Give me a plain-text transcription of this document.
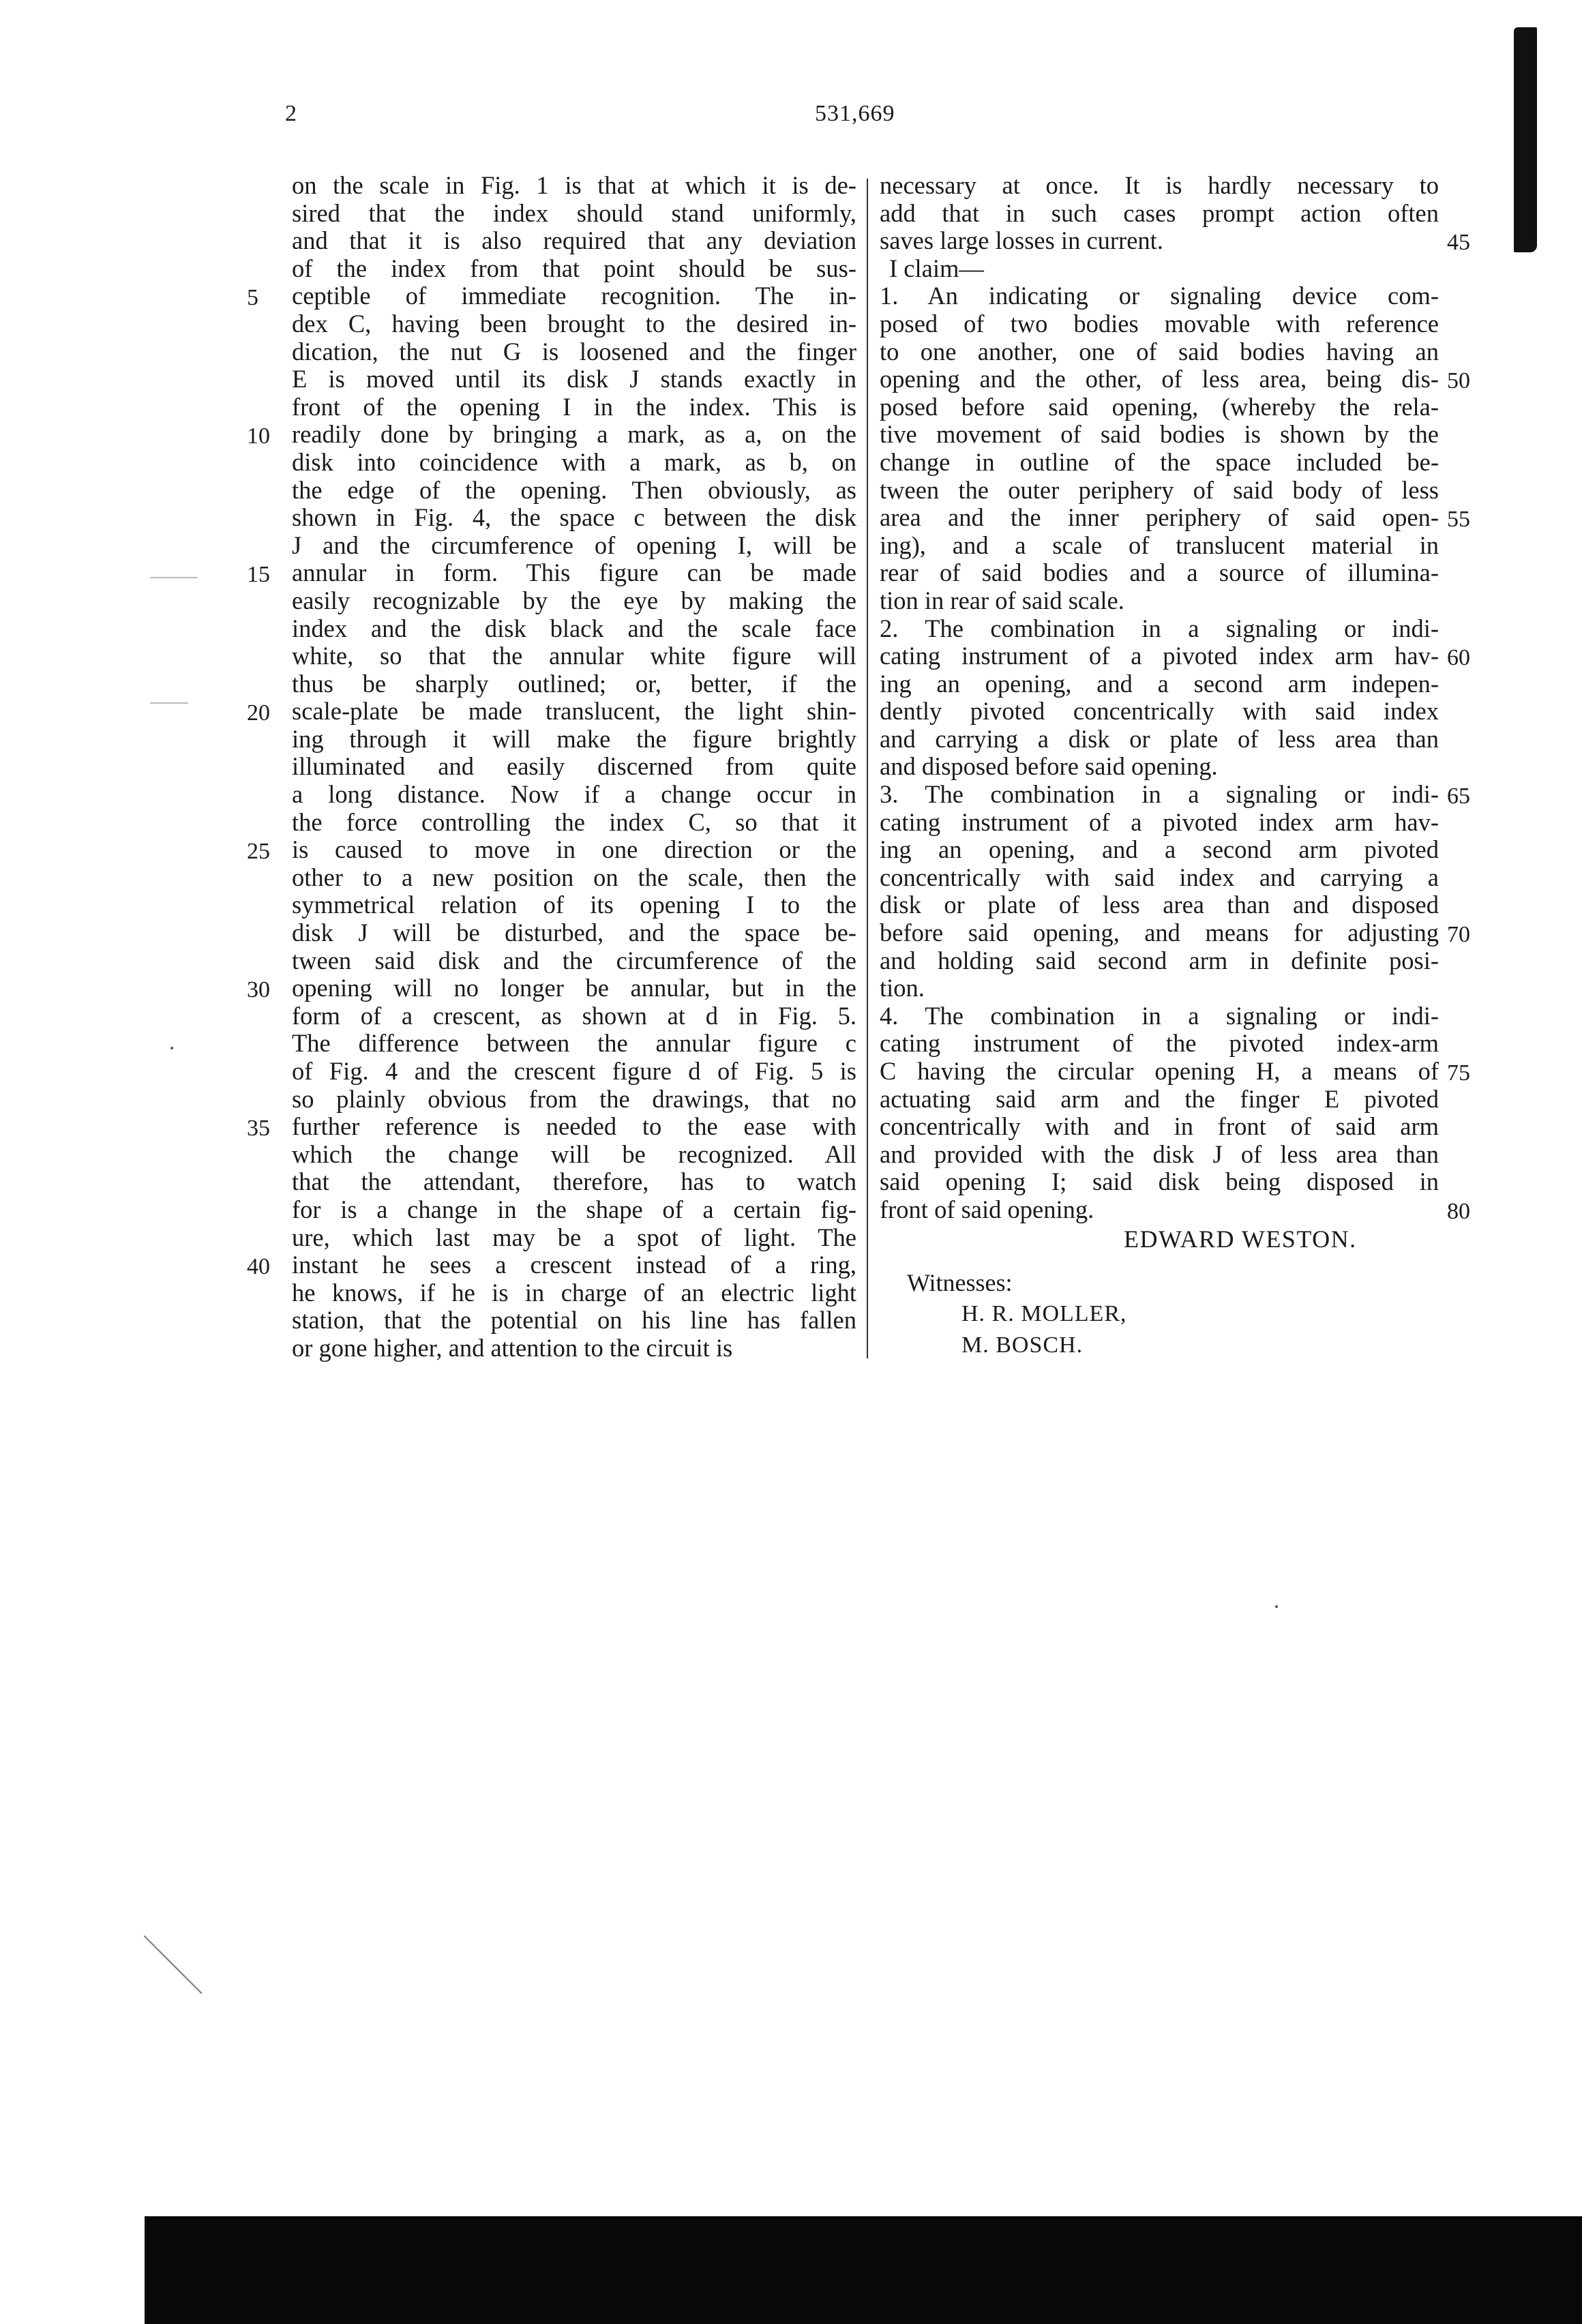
2	531,669
on the scale in Fig. 1 is that at which it is de-
sired that the index should stand uniformly,
and that it is also required that any deviation
of the index from that point should be sus-
ceptible of immediate recognition. The in-
dex C, having been brought to the desired in-
dication, the nut G is loosened and the finger
E is moved until its disk J stands exactly in
front of the opening I in the index. This is
readily done by bringing a mark, as a, on the
disk into coincidence with a mark, as b, on
the edge of the opening. Then obviously, as
shown in Fig. 4, the space c between the disk
J and the circumference of opening I, will be
annular in form. This figure can be made
easily recognizable by the eye by making the
index and the disk black and the scale face
white, so that the annular white figure will
thus be sharply outlined; or, better, if the
scale-plate be made translucent, the light shin-
ing through it will make the figure brightly
illuminated and easily discerned from quite
a long distance. Now if a change occur in
the force controlling the index C, so that it
is caused to move in one direction or the
other to a new position on the scale, then the
symmetrical relation of its opening I to the
disk J will be disturbed, and the space be-
tween said disk and the circumference of the
opening will no longer be annular, but in the
form of a crescent, as shown at d in Fig. 5.
The difference between the annular figure c
of Fig. 4 and the crescent figure d of Fig. 5 is
so plainly obvious from the drawings, that no
further reference is needed to the ease with
which the change will be recognized. All
that the attendant, therefore, has to watch
for is a change in the shape of a certain fig-
ure, which last may be a spot of light. The
instant he sees a crescent instead of a ring,
he knows, if he is in charge of an electric light
station, that the potential on his line has fallen
or gone higher, and attention to the circuit is
necessary at once. It is hardly necessary to
add that in such cases prompt action often
saves large losses in current.
I claim—
1. An indicating or signaling device com-
posed of two bodies movable with reference
to one another, one of said bodies having an
opening and the other, of less area, being dis-
posed before said opening, (whereby the rela-
tive movement of said bodies is shown by the
change in outline of the space included be-
tween the outer periphery of said body of less
area and the inner periphery of said open-
ing), and a scale of translucent material in
rear of said bodies and a source of illumina-
tion in rear of said scale.
2. The combination in a signaling or indi-
cating instrument of a pivoted index arm hav-
ing an opening, and a second arm indepen-
dently pivoted concentrically with said index
and carrying a disk or plate of less area than
and disposed before said opening.
3. The combination in a signaling or indi-
cating instrument of a pivoted index arm hav-
ing an opening, and a second arm pivoted
concentrically with said index and carrying a
disk or plate of less area than and disposed
before said opening, and means for adjusting
and holding said second arm in definite posi-
tion.
4. The combination in a signaling or indi-
cating instrument of the pivoted index-arm
C having the circular opening H, a means of
actuating said arm and the finger E pivoted
concentrically with and in front of said arm
and provided with the disk J of less area than
said opening I; said disk being disposed in
front of said opening.
5
10
15
20
25
30
35
40
45
50
55
60
65
70
75
80
EDWARD WESTON.
Witnesses:
H. R. MOLLER,
M. BOSCH.
